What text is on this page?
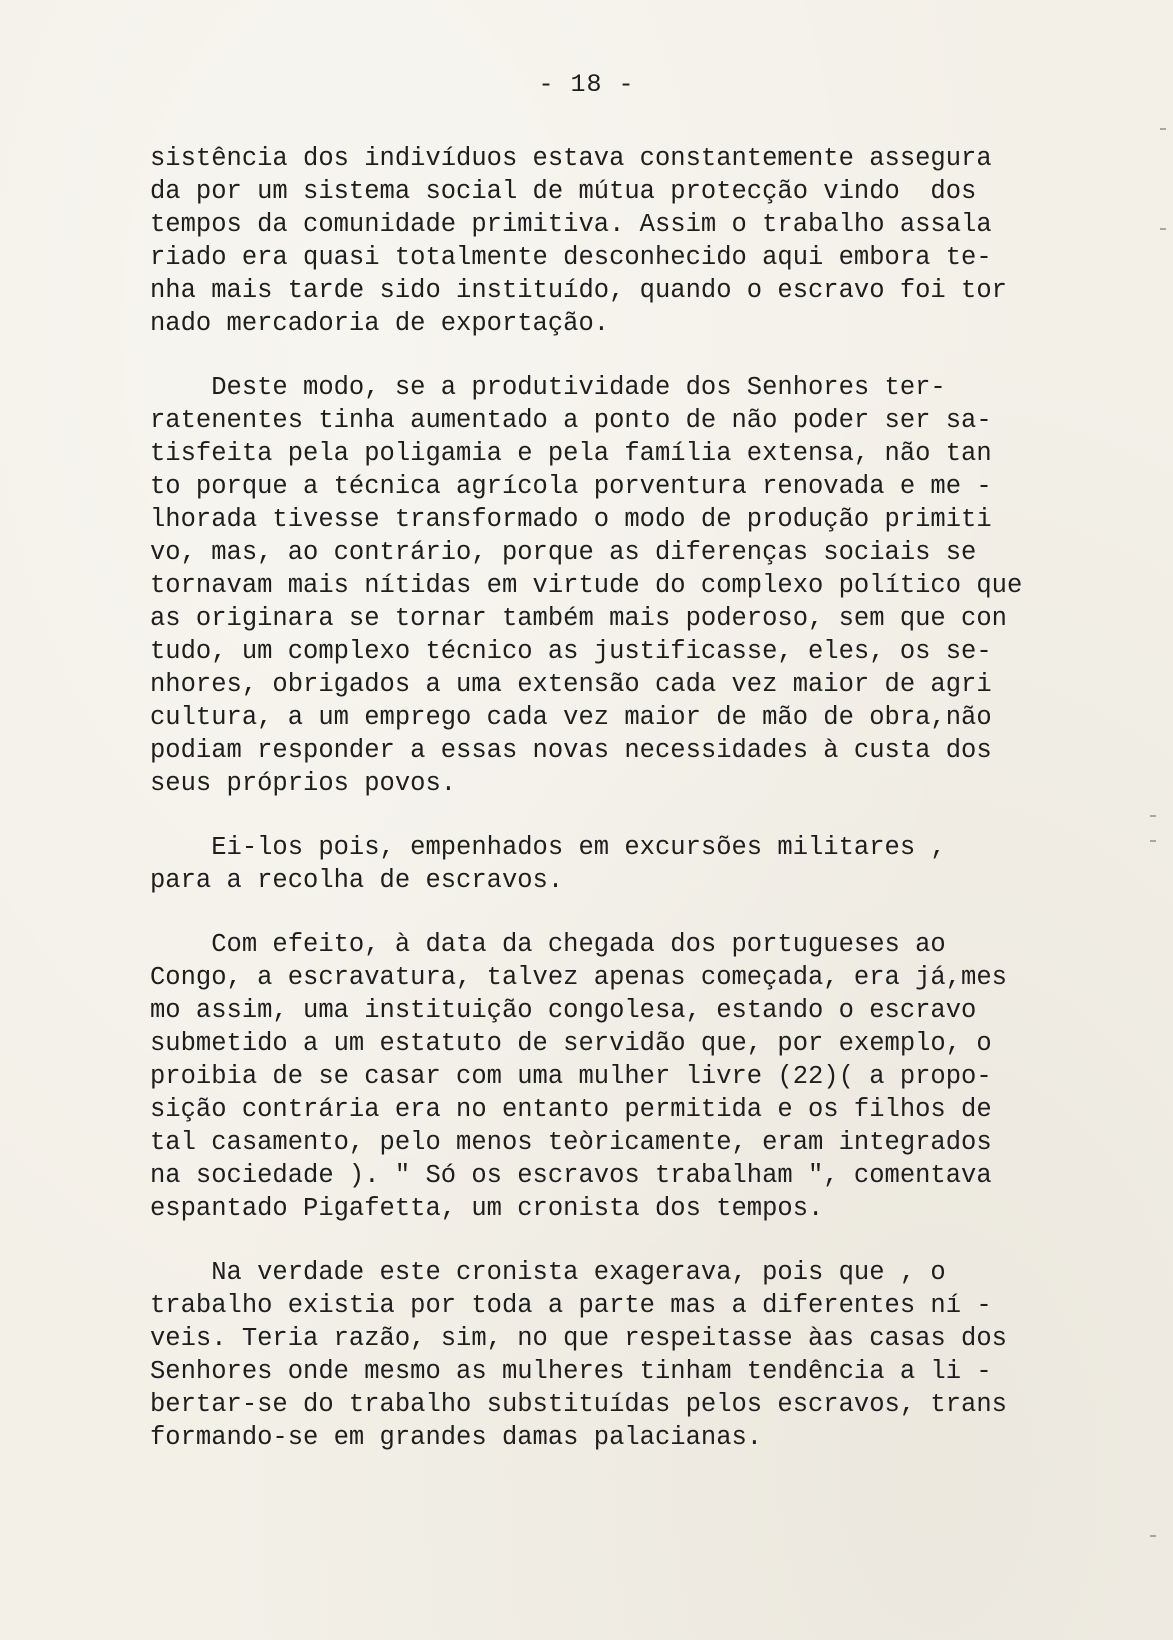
- 18 -

sistência dos indivíduos estava constantemente assegura
da por um sistema social de mútua protecção vindo  dos
tempos da comunidade primitiva. Assim o trabalho assala
riado era quasi totalmente desconhecido aqui embora te-
nha mais tarde sido instituído, quando o escravo foi tor
nado mercadoria de exportação.

Deste modo, se a produtividade dos Senhores ter-
ratenentes tinha aumentado a ponto de não poder ser sa-
tisfeita pela poligamia e pela família extensa, não tan
to porque a técnica agrícola porventura renovada e me -
lhorada tivesse transformado o modo de produção primiti
vo, mas, ao contrário, porque as diferenças sociais se
tornavam mais nítidas em virtude do complexo político que
as originara se tornar também mais poderoso, sem que con
tudo, um complexo técnico as justificasse, eles, os se-
nhores, obrigados a uma extensão cada vez maior de agri
cultura, a um emprego cada vez maior de mão de obra,não
podiam responder a essas novas necessidades à custa dos
seus próprios povos.

Ei-los pois, empenhados em excursões militares ,
para a recolha de escravos.

Com efeito, à data da chegada dos portugueses ao
Congo, a escravatura, talvez apenas começada, era já,mes
mo assim, uma instituição congolesa, estando o escravo
submetido a um estatuto de servidão que, por exemplo, o
proibia de se casar com uma mulher livre (22)( a propo-
sição contrária era no entanto permitida e os filhos de
tal casamento, pelo menos teòricamente, eram integrados
na sociedade ). " Só os escravos trabalham ", comentava
espantado Pigafetta, um cronista dos tempos.

Na verdade este cronista exagerava, pois que , o
trabalho existia por toda a parte mas a diferentes ní -
veis. Teria razão, sim, no que respeitasse àas casas dos
Senhores onde mesmo as mulheres tinham tendência a li -
bertar-se do trabalho substituídas pelos escravos, trans
formando-se em grandes damas palacianas.
